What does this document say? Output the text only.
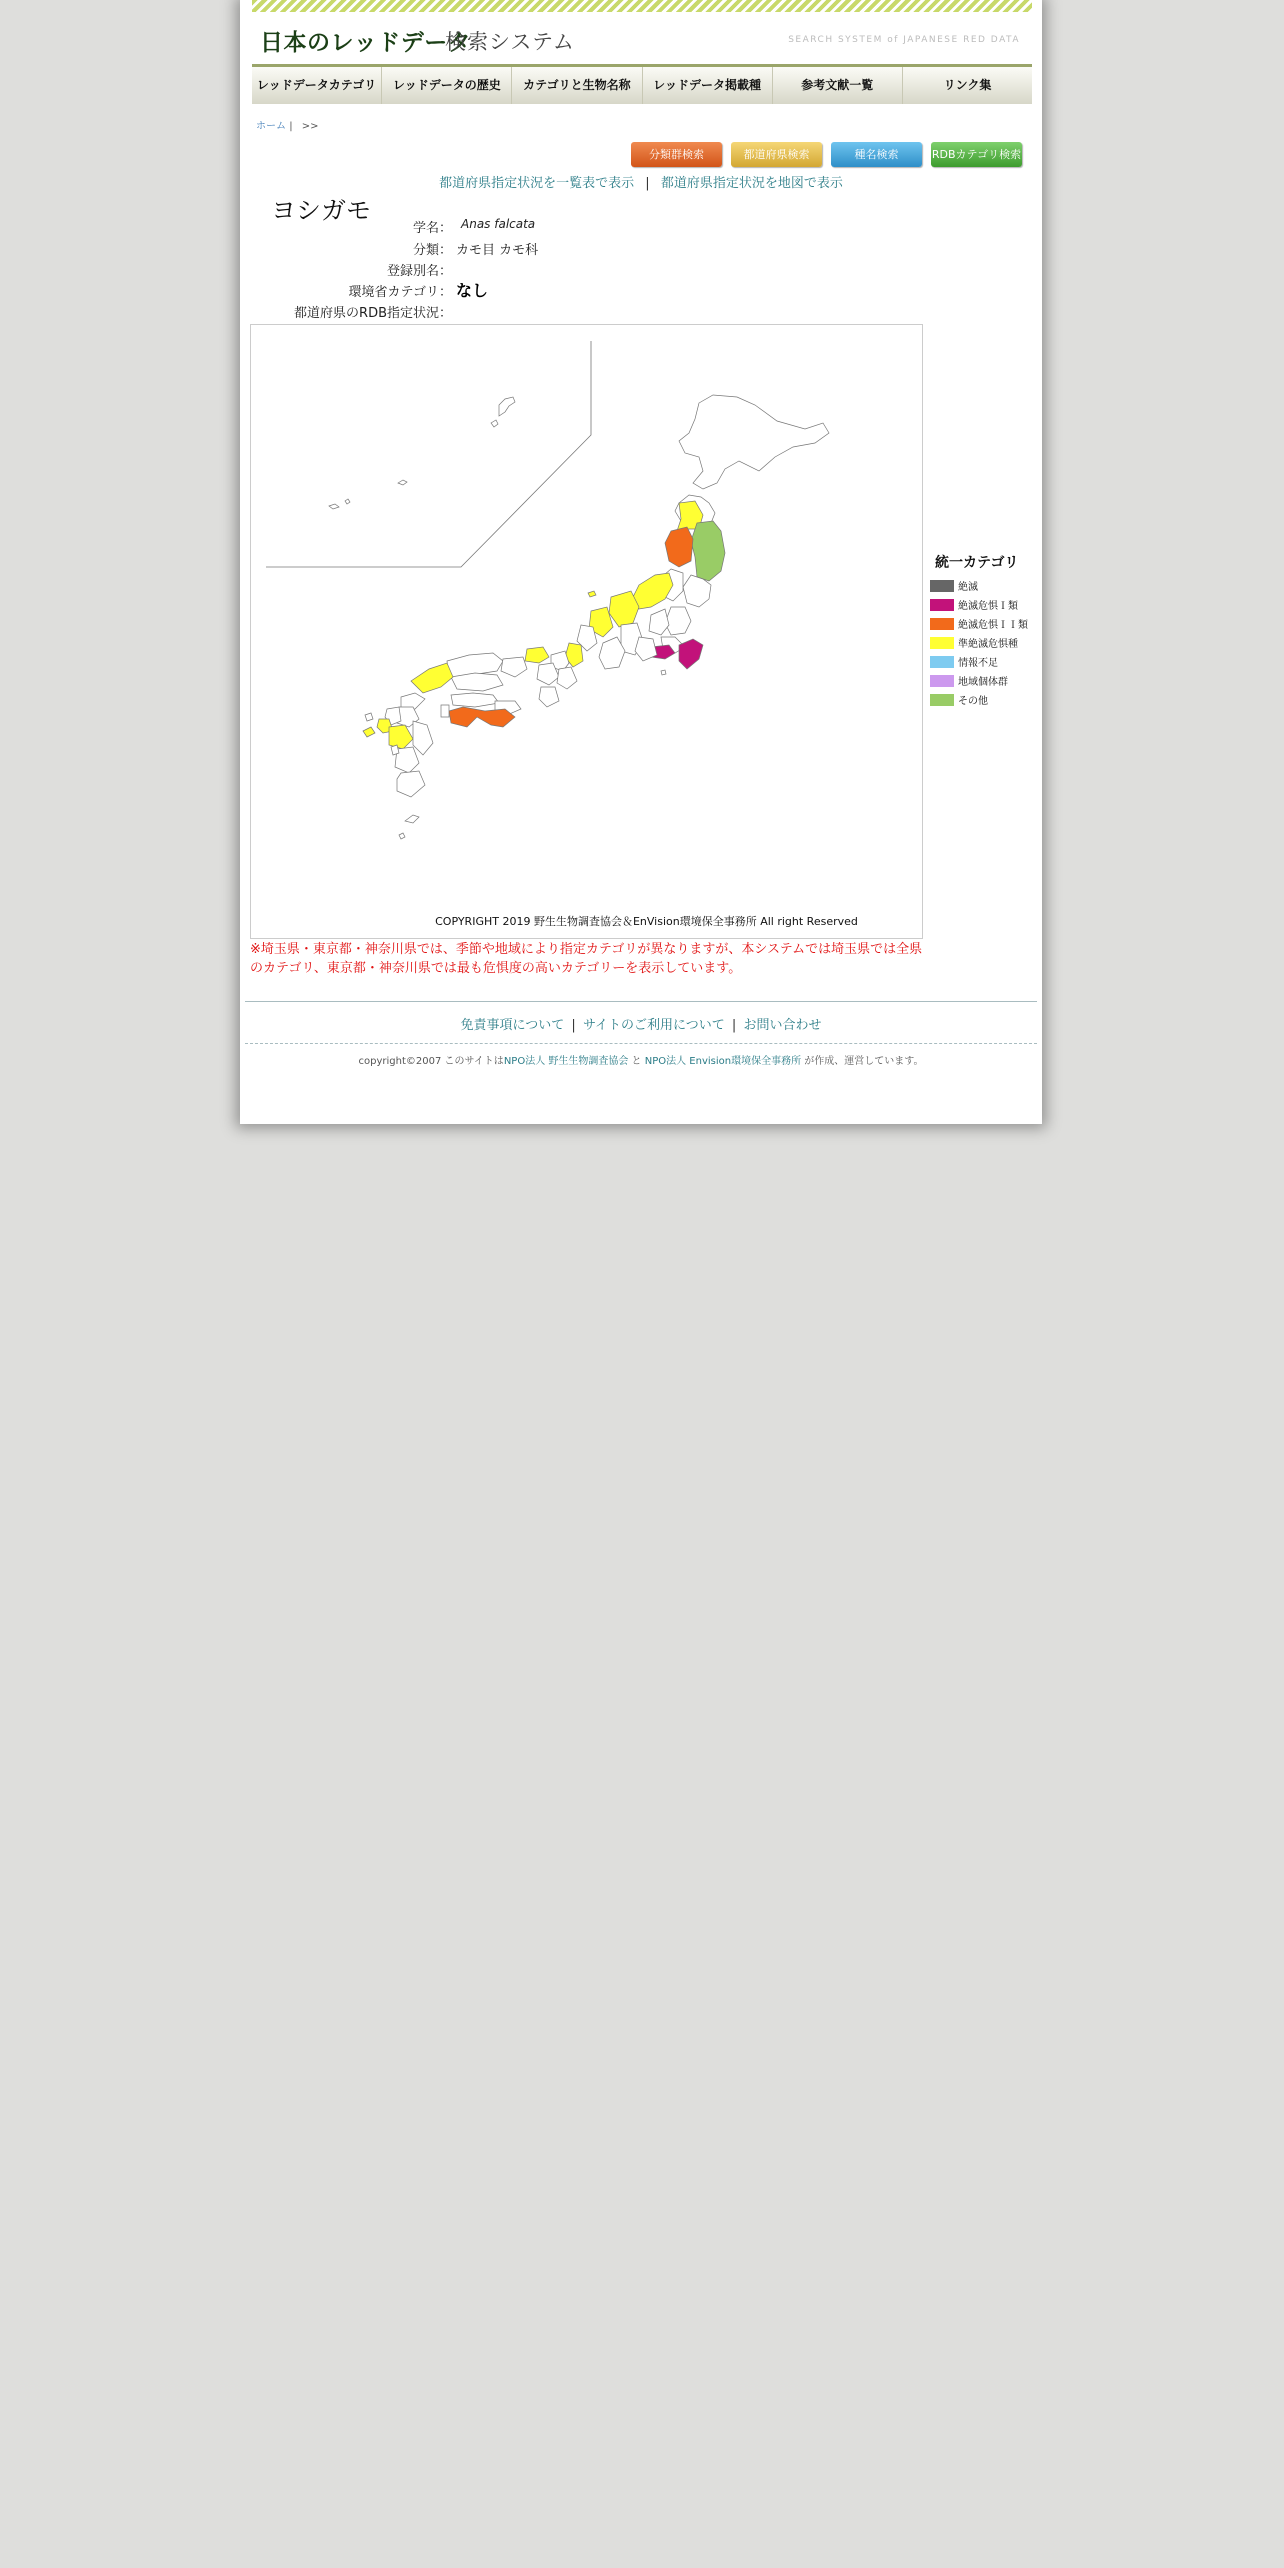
日本のレッドデータ
検索システム	SEARCH SYSTEM of JAPANESE RED DATA
レッドデータカテゴリ	レッドデータの歴史	カテゴリと生物名称	レッドデータ掲載種	参考文献一覧	リンク集
ホーム | >>
分類群検索	都道府県検索	種名検索	RDBカテゴリ検索
都道府県指定状況を一覧表で表示 | 都道府県指定状況を地図で表示
ヨシガモ
学名： Anas falcata
分類： カモ目 カモ科
登録別名：
環境省カテゴリ： なし
都道府県のRDB指定状況：
COPYRIGHT 2019 野生生物調査協会＆EnVision環境保全事務所 All right Reserved
統一カテゴリ
絶滅
絶滅危惧Ｉ類
絶滅危惧ＩＩ類
準絶滅危惧種
情報不足
地域個体群
その他
※埼玉県・東京都・神奈川県では、季節や地域により指定カテゴリが異なりますが、本システムでは埼玉県では全県のカテゴリ、東京都・神奈川県では最も危惧度の高いカテゴリーを表示しています。
免責事項について | サイトのご利用について | お問い合わせ
copyright©2007 このサイトはNPO法人 野生生物調査協会 と NPO法人 Envision環境保全事務所 が作成、運営しています。
